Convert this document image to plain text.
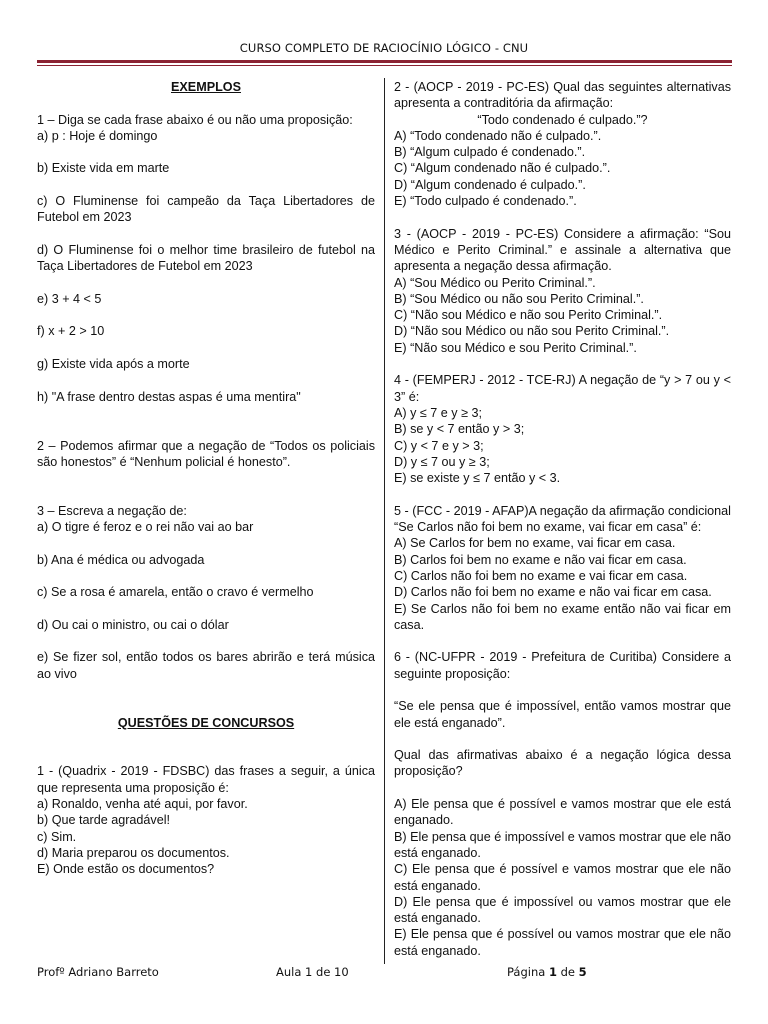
CURSO COMPLETO DE RACIOCÍNIO LÓGICO - CNU

EXEMPLOS

1 – Diga se cada frase abaixo é ou não uma proposição:

a) p : Hoje é domingo

b) Existe vida em marte

c) O Fluminense foi campeão da Taça Libertadores de Futebol em 2023

d) O Fluminense foi o melhor time brasileiro de futebol na Taça Libertadores de Futebol em 2023

e) 3 + 4 < 5

f) x + 2 > 10

g) Existe vida após a morte

h) "A frase dentro destas aspas é uma mentira"

2 – Podemos afirmar que a negação de “Todos os policiais são honestos” é “Nenhum policial é honesto”.

3 – Escreva a negação de:

a) O tigre é feroz e o rei não vai ao bar

b) Ana é médica ou advogada

c) Se a rosa é amarela, então o cravo é vermelho

d) Ou cai o ministro, ou cai o dólar

e) Se fizer sol, então todos os bares abrirão e terá música ao vivo

QUESTÕES DE CONCURSOS

1 - (Quadrix - 2019 - FDSBC) das frases a seguir, a única que representa uma proposição é:

a) Ronaldo, venha até aqui, por favor.

b) Que tarde agradável!

c) Sim.

d) Maria preparou os documentos.

E) Onde estão os documentos?

2 - (AOCP - 2019 - PC-ES) Qual das seguintes alternativas apresenta a contraditória da afirmação:

“Todo condenado é culpado.”?

A) “Todo condenado não é culpado.”.

B) “Algum culpado é condenado.”.

C) “Algum condenado não é culpado.”.

D) “Algum condenado é culpado.”.

E) “Todo culpado é condenado.”.

3 - (AOCP - 2019 - PC-ES) Considere a afirmação: “Sou Médico e Perito Criminal.” e assinale a alternativa que apresenta a negação dessa afirmação.

A) “Sou Médico ou Perito Criminal.”.

B) “Sou Médico ou não sou Perito Criminal.”.

C) “Não sou Médico e não sou Perito Criminal.”.

D) “Não sou Médico ou não sou Perito Criminal.”.

E) “Não sou Médico e sou Perito Criminal.”.

4 - (FEMPERJ - 2012 - TCE-RJ) A negação de “y > 7 ou y < 3” é:

A) y ≤ 7 e y ≥ 3;

B) se y < 7 então y > 3;

C) y < 7 e y > 3;

D) y ≤ 7 ou y ≥ 3;

E) se existe y ≤ 7 então y < 3.

5 - (FCC - 2019 - AFAP)A negação da afirmação condicional “Se Carlos não foi bem no exame, vai ficar em casa” é:

A) Se Carlos for bem no exame, vai ficar em casa.

B) Carlos foi bem no exame e não vai ficar em casa.

C) Carlos não foi bem no exame e vai ficar em casa.

D) Carlos não foi bem no exame e não vai ficar em casa.

E) Se Carlos não foi bem no exame então não vai ficar em casa.

6 - (NC-UFPR - 2019 - Prefeitura de Curitiba) Considere a seguinte proposição:

“Se ele pensa que é impossível, então vamos mostrar que ele está enganado”.

Qual das afirmativas abaixo é a negação lógica dessa proposição?

A) Ele pensa que é possível e vamos mostrar que ele está enganado.

B) Ele pensa que é impossível e vamos mostrar que ele não está enganado.

C) Ele pensa que é possível e vamos mostrar que ele não está enganado.

D) Ele pensa que é impossível ou vamos mostrar que ele está enganado.

E) Ele pensa que é possível ou vamos mostrar que ele não está enganado.

Profº Adriano Barreto	Aula 1 de 10	Página 1 de 5
